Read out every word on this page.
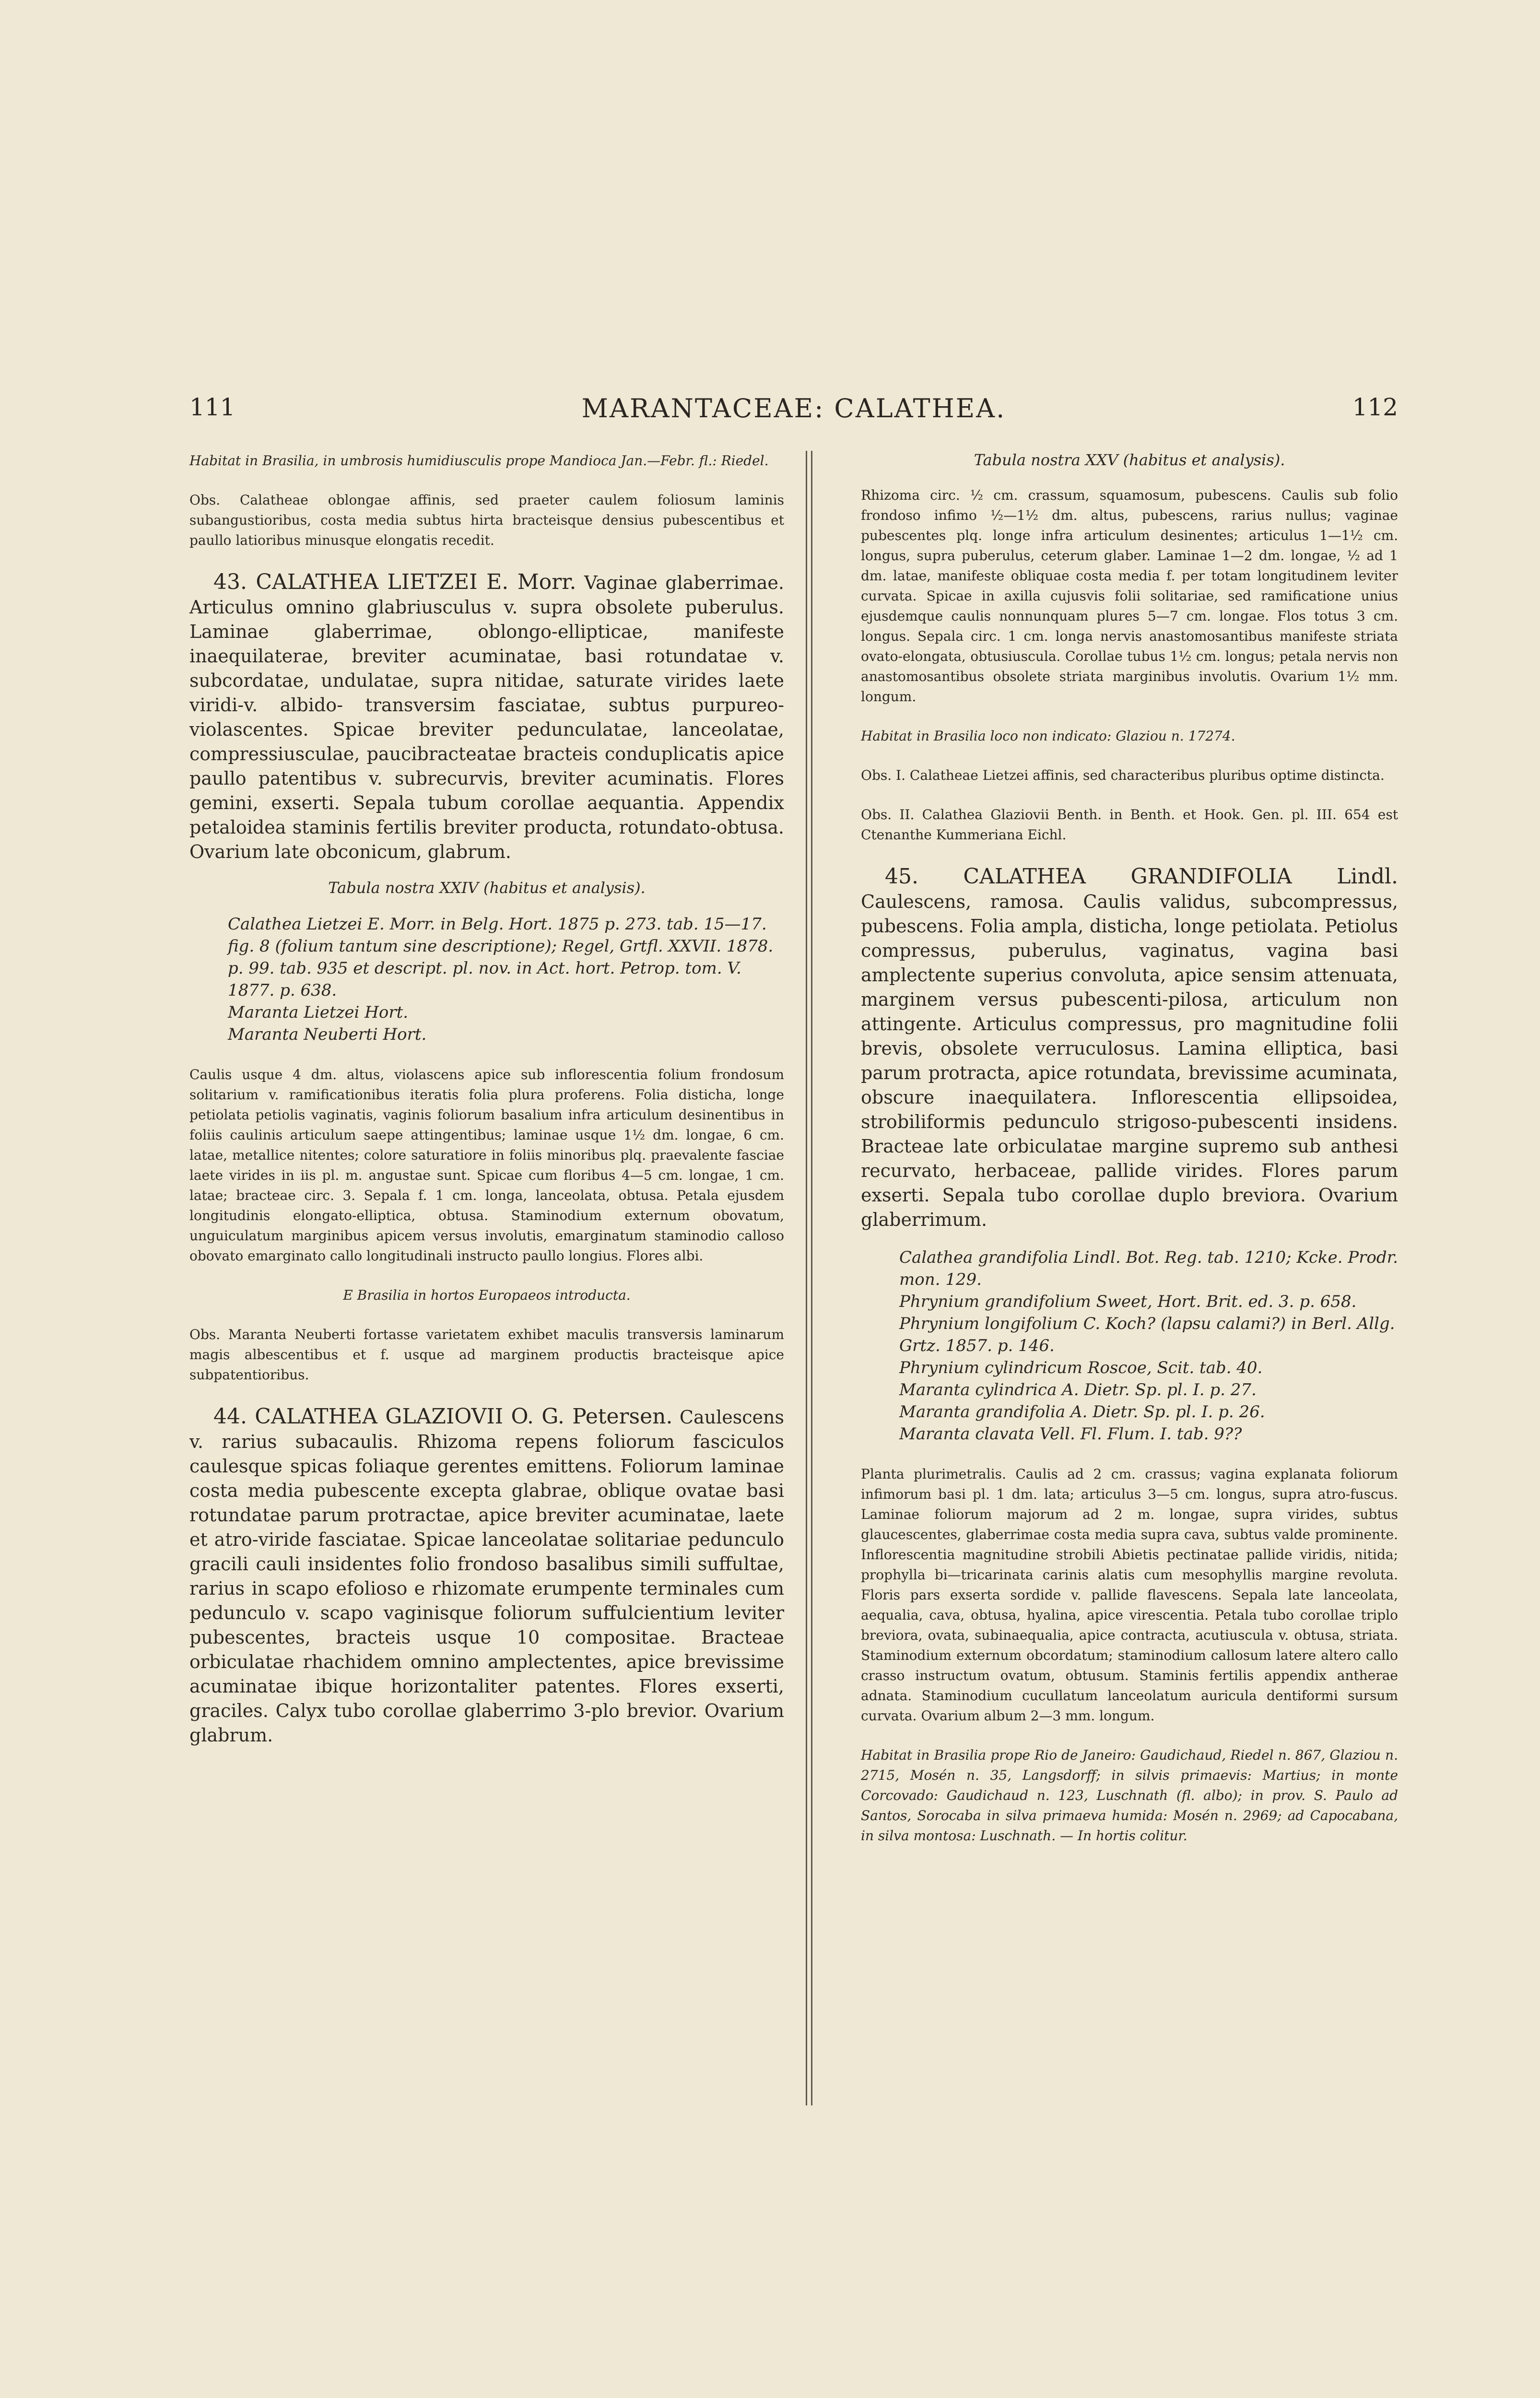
111	MARANTACEAE: CALATHEA.	112

Habitat in Brasilia, in umbrosis humidiusculis prope Mandioca Jan.—Febr. fl.: Riedel.

Obs. Calatheae oblongae affinis, sed praeter caulem foliosum laminis subangustioribus, costa media subtus hirta bracteisque densius pubescentibus et paullo latioribus minusque elongatis recedit.

43. CALATHEA LIETZEI E. Morr. Vaginae glaberrimae. Articulus omnino glabriusculus v. supra obsolete puberulus. Laminae glaberrimae, oblongo-ellipticae, manifeste inaequilaterae, breviter acuminatae, basi rotundatae v. subcordatae, undulatae, supra nitidae, saturate virides laete viridi-v. albido- transversim fasciatae, subtus purpureo-violascentes. Spicae breviter pedunculatae, lanceolatae, compressiusculae, paucibracteatae bracteis conduplicatis apice paullo patentibus v. subrecurvis, breviter acuminatis. Flores gemini, exserti. Sepala tubum corollae aequantia. Appendix petaloidea staminis fertilis breviter producta, rotundato-obtusa. Ovarium late obconicum, glabrum.

Tabula nostra XXIV (habitus et analysis).

Calathea Lietzei E. Morr. in Belg. Hort. 1875 p. 273. tab. 15—17. fig. 8 (folium tantum sine descriptione); Regel, Grtfl. XXVII. 1878. p. 99. tab. 935 et descript. pl. nov. in Act. hort. Petrop. tom. V. 1877. p. 638.
Maranta Lietzei Hort.
Maranta Neuberti Hort.

Caulis usque 4 dm. altus, violascens apice sub inflorescentia folium frondosum solitarium v. ramificationibus iteratis folia plura proferens. Folia disticha, longe petiolata petiolis vaginatis, vaginis foliorum basalium infra articulum desinentibus in foliis caulinis articulum saepe attingentibus; laminae usque 1½ dm. longae, 6 cm. latae, metallice nitentes; colore saturatiore in foliis minoribus plq. praevalente fasciae laete virides in iis pl. m. angustae sunt. Spicae cum floribus 4—5 cm. longae, 1 cm. latae; bracteae circ. 3. Sepala f. 1 cm. longa, lanceolata, obtusa. Petala ejusdem longitudinis elongato-elliptica, obtusa. Staminodium externum obovatum, unguiculatum marginibus apicem versus involutis, emarginatum staminodio calloso obovato emarginato callo longitudinali instructo paullo longius. Flores albi.

E Brasilia in hortos Europaeos introducta.

Obs. Maranta Neuberti fortasse varietatem exhibet maculis transversis laminarum magis albescentibus et f. usque ad marginem productis bracteisque apice subpatentioribus.

44. CALATHEA GLAZIOVII O. G. Petersen. Caulescens v. rarius subacaulis. Rhizoma repens foliorum fasciculos caulesque spicas foliaque gerentes emittens. Foliorum laminae costa media pubescente excepta glabrae, oblique ovatae basi rotundatae parum protractae, apice breviter acuminatae, laete et atro-viride fasciatae. Spicae lanceolatae solitariae pedunculo gracili cauli insidentes folio frondoso basalibus simili suffultae, rarius in scapo efolioso e rhizomate erumpente terminales cum pedunculo v. scapo vaginisque foliorum suffulcientium leviter pubescentes, bracteis usque 10 compositae. Bracteae orbiculatae rhachidem omnino amplectentes, apice brevissime acuminatae ibique horizontaliter patentes. Flores exserti, graciles. Calyx tubo corollae glaberrimo 3-plo brevior. Ovarium glabrum.

Tabula nostra XXV (habitus et analysis).

Rhizoma circ. ½ cm. crassum, squamosum, pubescens. Caulis sub folio frondoso infimo ½—1½ dm. altus, pubescens, rarius nullus; vaginae pubescentes plq. longe infra articulum desinentes; articulus 1—1½ cm. longus, supra puberulus, ceterum glaber. Laminae 1—2 dm. longae, ½ ad 1 dm. latae, manifeste obliquae costa media f. per totam longitudinem leviter curvata. Spicae in axilla cujusvis folii solitariae, sed ramificatione unius ejusdemque caulis nonnunquam plures 5—7 cm. longae. Flos totus 3 cm. longus. Sepala circ. 1 cm. longa nervis anastomosantibus manifeste striata ovato-elongata, obtusiuscula. Corollae tubus 1½ cm. longus; petala nervis non anastomosantibus obsolete striata marginibus involutis. Ovarium 1½ mm. longum.

Habitat in Brasilia loco non indicato: Glaziou n. 17274.

Obs. I. Calatheae Lietzei affinis, sed characteribus pluribus optime distincta.

Obs. II. Calathea Glaziovii Benth. in Benth. et Hook. Gen. pl. III. 654 est Ctenanthe Kummeriana Eichl.

45. CALATHEA GRANDIFOLIA Lindl. Caulescens, ramosa. Caulis validus, subcompressus, pubescens. Folia ampla, disticha, longe petiolata. Petiolus compressus, puberulus, vaginatus, vagina basi amplectente superius convoluta, apice sensim attenuata, marginem versus pubescenti-pilosa, articulum non attingente. Articulus compressus, pro magnitudine folii brevis, obsolete verruculosus. Lamina elliptica, basi parum protracta, apice rotundata, brevissime acuminata, obscure inaequilatera. Inflorescentia ellipsoidea, strobiliformis pedunculo strigoso-pubescenti insidens. Bracteae late orbiculatae margine supremo sub anthesi recurvato, herbaceae, pallide virides. Flores parum exserti. Sepala tubo corollae duplo breviora. Ovarium glaberrimum.

Calathea grandifolia Lindl. Bot. Reg. tab. 1210; Kcke. Prodr. mon. 129.
Phrynium grandifolium Sweet, Hort. Brit. ed. 3. p. 658.
Phrynium longifolium C. Koch? (lapsu calami?) in Berl. Allg. Grtz. 1857. p. 146.
Phrynium cylindricum Roscoe, Scit. tab. 40.
Maranta cylindrica A. Dietr. Sp. pl. I. p. 27.
Maranta grandifolia A. Dietr. Sp. pl. I. p. 26.
Maranta clavata Vell. Fl. Flum. I. tab. 9??

Planta plurimetralis. Caulis ad 2 cm. crassus; vagina explanata foliorum infimorum basi pl. 1 dm. lata; articulus 3—5 cm. longus, supra atro-fuscus. Laminae foliorum majorum ad 2 m. longae, supra virides, subtus glaucescentes, glaberrimae costa media supra cava, subtus valde prominente. Inflorescentia magnitudine strobili Abietis pectinatae pallide viridis, nitida; prophylla bi—tricarinata carinis alatis cum mesophyllis margine revoluta. Floris pars exserta sordide v. pallide flavescens. Sepala late lanceolata, aequalia, cava, obtusa, hyalina, apice virescentia. Petala tubo corollae triplo breviora, ovata, subinaequalia, apice contracta, acutiuscula v. obtusa, striata. Staminodium externum obcordatum; staminodium callosum latere altero callo crasso instructum ovatum, obtusum. Staminis fertilis appendix antherae adnata. Staminodium cucullatum lanceolatum auricula dentiformi sursum curvata. Ovarium album 2—3 mm. longum.

Habitat in Brasilia prope Rio de Janeiro: Gaudichaud, Riedel n. 867, Glaziou n. 2715, Mosén n. 35, Langsdorff; in silvis primaevis: Martius; in monte Corcovado: Gaudichaud n. 123, Luschnath (fl. albo); in prov. S. Paulo ad Santos, Sorocaba in silva primaeva humida: Mosén n. 2969; ad Capocabana, in silva montosa: Luschnath. — In hortis colitur.
